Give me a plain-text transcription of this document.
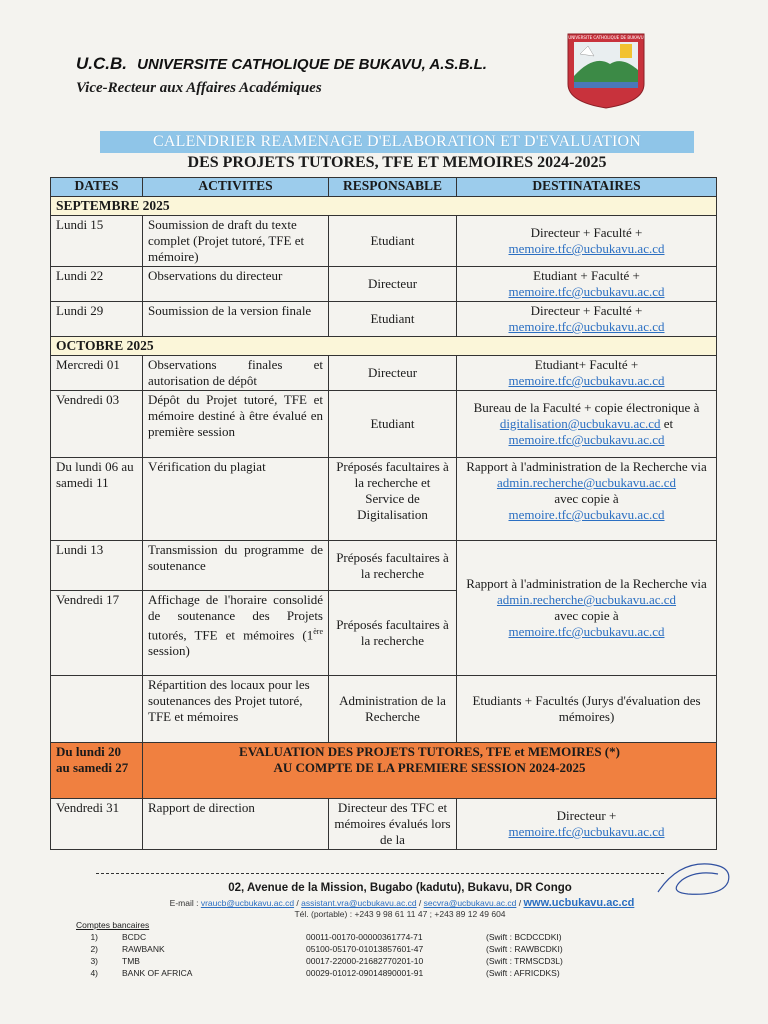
U.C.B. UNIVERSITE CATHOLIQUE DE BUKAVU, A.S.B.L.
Vice-Recteur aux Affaires Académiques
UNIVERSITE CATHOLIQUE DE BUKAVU
CALENDRIER REAMENAGE D'ELABORATION ET D'EVALUATION
DES PROJETS TUTORES, TFE ET MEMOIRES 2024-2025
DATES	ACTIVITES	RESPONSABLE	DESTINATAIRES
SEPTEMBRE 2025			
Lundi 15	Soumission de draft du texte complet (Projet tutoré, TFE et mémoire)	Etudiant	Directeur + Faculté +
memoire.tfc@ucbukavu.ac.cd

Lundi 22	Observations du directeur	Directeur	Etudiant + Faculté +
memoire.tfc@ucbukavu.ac.cd

Lundi 29	Soumission de la version finale	Etudiant	Directeur + Faculté +
memoire.tfc@ucbukavu.ac.cd

OCTOBRE 2025			
Mercredi 01	Observations finales et autorisation de dépôt	Directeur	Etudiant+ Faculté +
memoire.tfc@ucbukavu.ac.cd

Vendredi 03	Dépôt du Projet tutoré, TFE et mémoire destiné à être évalué en première session	Etudiant	Bureau de la Faculté + copie électronique à
digitalisation@ucbukavu.ac.cd et
memoire.tfc@ucbukavu.ac.cd

Du lundi 06 au samedi 11	Vérification du plagiat	Préposés facultaires à la recherche et Service de Digitalisation	Rapport à l'administration de la Recherche via
admin.recherche@ucbukavu.ac.cd
avec copie à
memoire.tfc@ucbukavu.ac.cd

Lundi 13	Transmission du programme de soutenance	Préposés facultaires à la recherche	Rapport à l'administration de la Recherche via
admin.recherche@ucbukavu.ac.cd
avec copie à
memoire.tfc@ucbukavu.ac.cd

Vendredi 17	Affichage de l'horaire consolidé de soutenance des Projets tutorés, TFE et mémoires (1ère session)	Préposés facultaires à la recherche	
	Répartition des locaux pour les soutenances des Projet tutoré, TFE et mémoires	Administration de la Recherche	Etudiants + Facultés (Jurys d'évaluation des mémoires)
Du lundi 20 au samedi 27	EVALUATION DES PROJETS TUTORES, TFE et MEMOIRES (*)
AU COMPTE DE LA PREMIERE SESSION 2024-2025		

Vendredi 31	Rapport de direction	Directeur des TFC et mémoires évalués lors de la	Directeur +
memoire.tfc@ucbukavu.ac.cd
02, Avenue de la Mission, Bugabo (kadutu), Bukavu, DR Congo
E-mail : vraucb@ucbukavu.ac.cd / assistant.vra@ucbukavu.ac.cd / secvra@ucbukavu.ac.cd / www.ucbukavu.ac.cd
Tél. (portable) : +243 9 98 61 11 47 ; +243 89 12 49 604
Comptes bancaires
1)	BCDC	00011-00170-00000361774-71	(Swift : BCDCCDKI)
2)	RAWBANK	05100-05170-01013857601-47	(Swift : RAWBCDKI)
3)	TMB	00017-22000-21682770201-10	(Swift : TRMSCD3L)
4)	BANK OF AFRICA	00029-01012-09014890001-91	(Swift : AFRICDKS)
